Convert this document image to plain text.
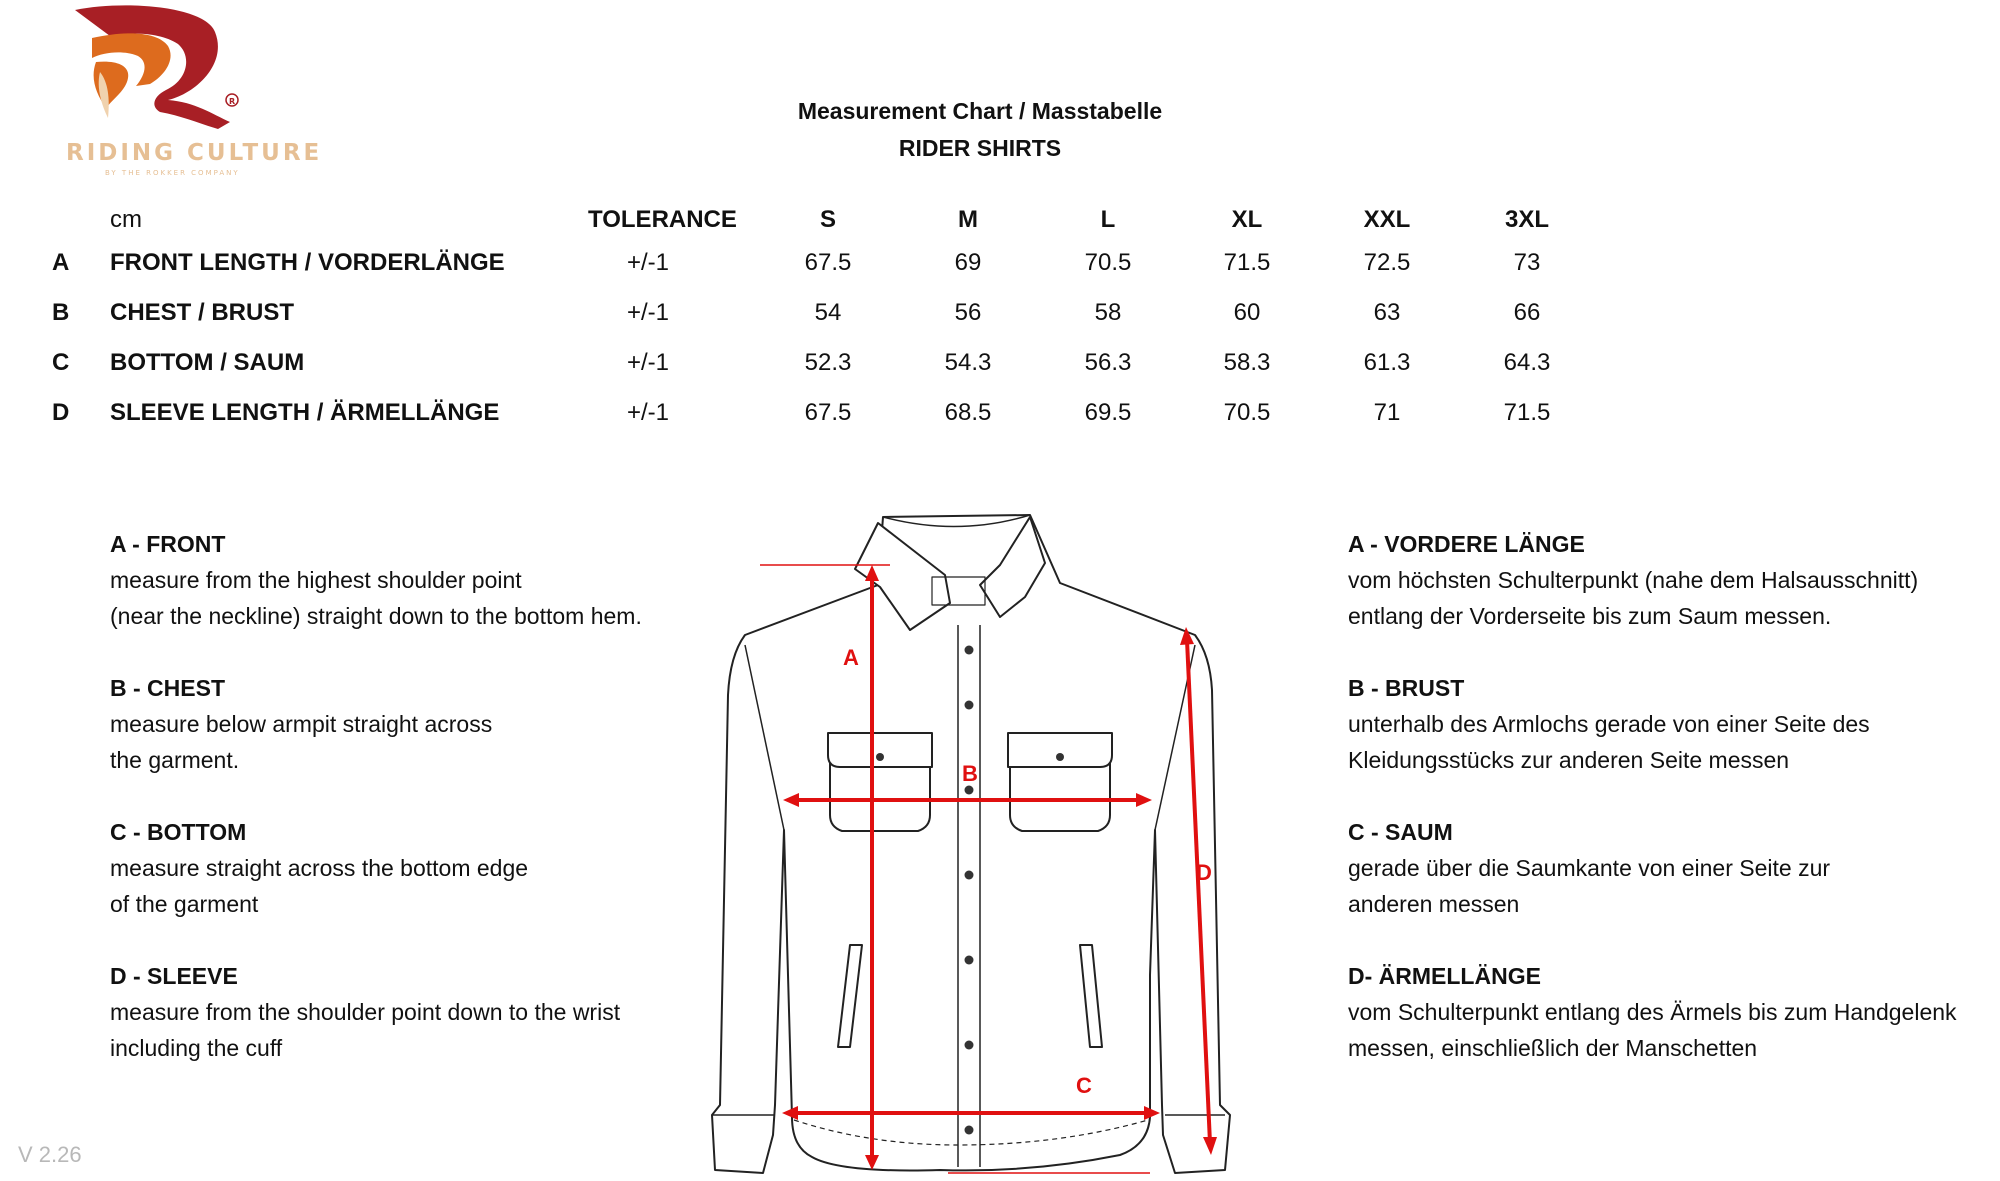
R
RIDING CULTURE
BY THE ROKKER COMPANY
Measurement Chart / Masstabelle
RIDER SHIRTS
cm	TOLERANCE	S	M	L	XL	XXL	3XL
A FRONT LENGTH / VORDERLÄNGE	+/-1	67.5	69	70.5	71.5	72.5	73
B CHEST / BRUST	+/-1	54	56	58	60	63	66
C BOTTOM / SAUM	+/-1	52.3	54.3	56.3	58.3	61.3	64.3
D SLEEVE LENGTH / ÄRMELLÄNGE	+/-1	67.5	68.5	69.5	70.5	71	71.5
A - FRONT
measure from the highest shoulder point
(near the neckline) straight down to the bottom hem.
B - CHEST
measure below armpit straight across
the garment.
C - BOTTOM
measure straight across the bottom edge
of the garment
D - SLEEVE
measure from the shoulder point down to the wrist
including the cuff
A - VORDERE LÄNGE
vom höchsten Schulterpunkt (nahe dem Halsausschnitt)
entlang der Vorderseite bis zum Saum messen.
B - BRUST
unterhalb des Armlochs gerade von einer Seite des
Kleidungsstücks zur anderen Seite messen
C - SAUM
gerade über die Saumkante von einer Seite zur
anderen messen
D- ÄRMELLÄNGE
vom Schulterpunkt entlang des Ärmels bis zum Handgelenk
messen, einschließlich der Manschetten
A
B
C
D
V 2.26
